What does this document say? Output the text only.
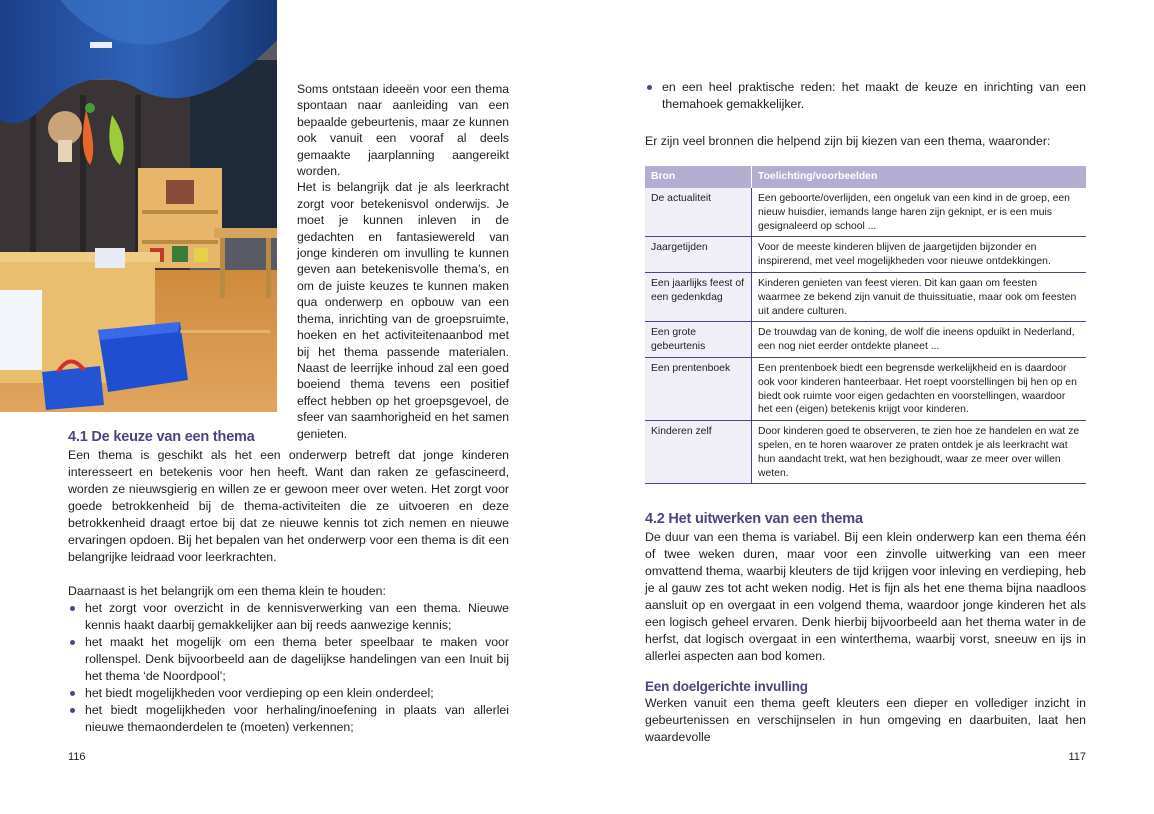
Soms ontstaan ideeën voor een thema spontaan naar aanleiding van een bepaalde gebeurtenis, maar ze kunnen ook vanuit een vooraf al deels gemaakte jaarplanning aangereikt worden.

Het is belangrijk dat je als leerkracht zorgt voor betekenisvol onderwijs. Je moet je kunnen inleven in de gedachten en fantasiewereld van jonge kinderen om invulling te kunnen geven aan betekenisvolle thema’s, en om de juiste keuzes te kunnen maken qua onderwerp en opbouw van een thema, inrichting van de groepsruimte, hoeken en het activiteitenaanbod met bij het thema passende materialen. Naast de leerrijke inhoud zal een goed boeiend thema tevens een positief effect hebben op het groepsgevoel, de sfeer van saamhorigheid en het samen genieten.

4.1 De keuze van een thema

Een thema is geschikt als het een onderwerp betreft dat jonge kinderen interesseert en betekenis voor hen heeft. Want dan raken ze gefascineerd, worden ze nieuwsgierig en willen ze er gewoon meer over weten. Het zorgt voor goede betrokkenheid bij de thema-activiteiten die ze uitvoeren en deze betrokkenheid draagt ertoe bij dat ze nieuwe kennis tot zich nemen en nieuwe ervaringen opdoen. Bij het bepalen van het onderwerp voor een thema is dit een belangrijke leidraad voor leerkrachten.

Daarnaast is het belangrijk om een thema klein te houden:

het zorgt voor overzicht in de kennisverwerking van een thema. Nieuwe kennis haakt daarbij gemakkelijker aan bij reeds aanwezige kennis;
het maakt het mogelijk om een thema beter speelbaar te maken voor rollenspel. Denk bijvoorbeeld aan de dagelijkse handelingen van een Inuit bij het thema ‘de Noordpool’;
het biedt mogelijkheden voor verdieping op een klein onderdeel;
het biedt mogelijkheden voor herhaling/inoefening in plaats van allerlei nieuwe themaonderdelen te (moeten) verkennen;
116
en een heel praktische reden: het maakt de keuze en inrichting van een themahoek gemakkelijker.

Er zijn veel bronnen die helpend zijn bij kiezen van een thema, waaronder:

Bron	Toelichting/voorbeelden
De actualiteit	Een geboorte/overlijden, een ongeluk van een kind in de groep, een nieuw huisdier, iemands lange haren zijn geknipt, er is een muis gesignaleerd op school ...
Jaargetijden	Voor de meeste kinderen blijven de jaargetijden bijzonder en inspirerend, met veel mogelijkheden voor nieuwe ontdekkingen.
Een jaarlijks feest of een gedenkdag	Kinderen genieten van feest vieren. Dit kan gaan om feesten waarmee ze bekend zijn vanuit de thuissituatie, maar ook om feesten uit andere culturen.
Een grote gebeurtenis	De trouwdag van de koning, de wolf die ineens opduikt in Nederland, een nog niet eerder ontdekte planeet ...
Een prentenboek	Een prentenboek biedt een begrensde werkelijkheid en is daardoor ook voor kinderen hanteerbaar. Het roept voorstellingen bij hen op en biedt ook ruimte voor eigen gedachten en voorstellingen, waardoor het een (eigen) betekenis krijgt voor kinderen.
Kinderen zelf	Door kinderen goed te observeren, te zien hoe ze handelen en wat ze spelen, en te horen waarover ze praten ontdek je als leerkracht wat hun aandacht trekt, wat hen bezighoudt, waar ze meer over willen weten.
4.2 Het uitwerken van een thema

De duur van een thema is variabel. Bij een klein onderwerp kan een thema één of twee weken duren, maar voor een zinvolle uitwerking van een meer omvattend thema, waarbij kleuters de tijd krijgen voor inleving en verdieping, heb je al gauw zes tot acht weken nodig. Het is fijn als het ene thema bijna naadloos aansluit op en overgaat in een volgend thema, waardoor jonge kinderen het als een logisch geheel ervaren. Denk hierbij bijvoorbeeld aan het thema water in de herfst, dat logisch overgaat in een winterthema, waarbij vorst, sneeuw en ijs in allerlei aspecten aan bod komen.

Een doelgerichte invulling

Werken vanuit een thema geeft kleuters een dieper en vollediger inzicht in gebeurtenissen en verschijnselen in hun omgeving en daarbuiten, laat hen waardevolle

117
